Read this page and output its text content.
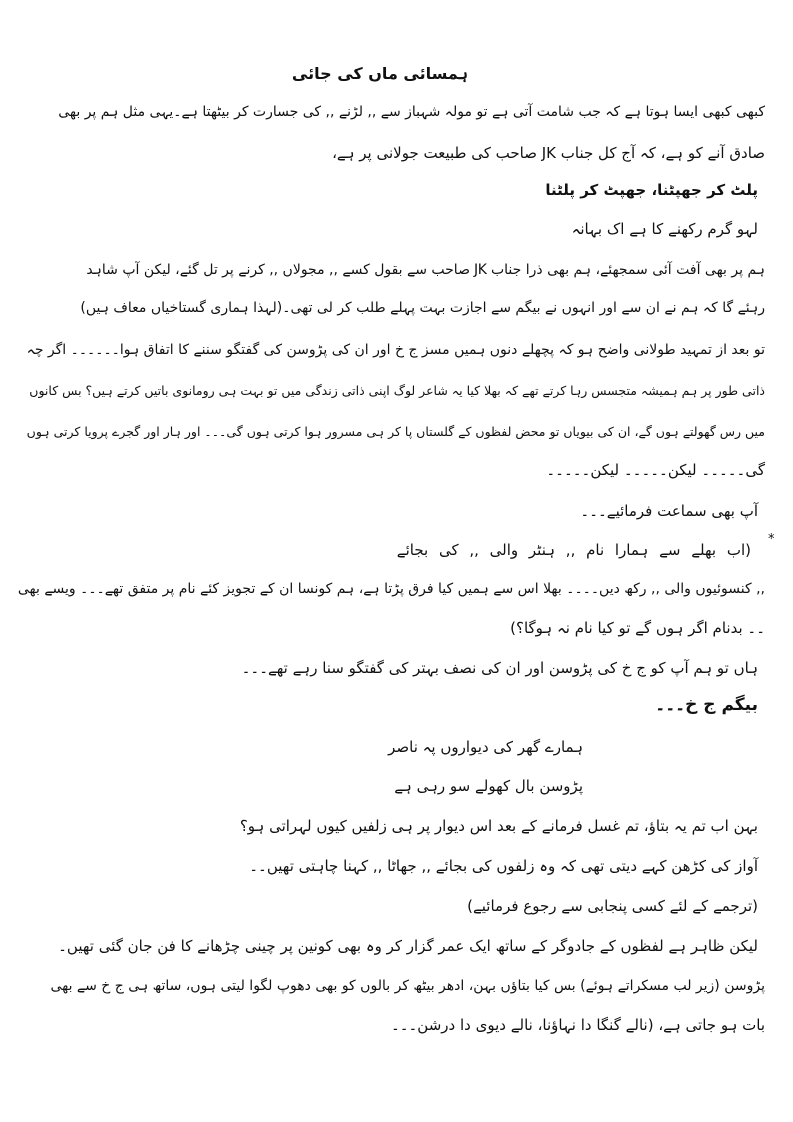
ہمسائی ماں کی جائی
کبھی کبھی ایسا ہوتا ہے کہ جب شامت آتی ہے تو مولہ شہباز سے ,, لڑنے ,, کی جسارت کر بیٹھتا ہے۔یہی مثل ہم پر بھی
صادق آنے کو ہے، کہ آج کل جناب JK صاحب کی طبیعت جولانی پر ہے،
پلٹ کر جھپٹنا، جھپٹ کر پلٹنا
لہو گرم رکھنے کا ہے اک بہانہ
ہم پر بھی آفت آئی سمجھئے، ہم بھی ذرا جناب JK صاحب سے بقول کسے ,, مجولاں ,, کرنے پر تل گئے، لیکن آپ شاہد
رہئے گا کہ ہم نے ان سے اور انہوں نے بیگم سے اجازت بہت پہلے طلب کر لی تھی۔(لہذا ہماری گستاخیاں معاف ہیں)
تو بعد از تمہید طولانی واضح ہو کہ پچھلے دنوں ہمیں مسز ج خ اور ان کی پڑوسن کی گفتگو سننے کا اتفاق ہوا۔۔۔۔۔۔ اگر چہ
ذاتی طور پر ہم ہمیشہ متجسس رہا کرتے تھے کہ بھلا کیا یہ شاعر لوگ اپنی ذاتی زندگی میں تو بہت ہی رومانوی باتیں کرتے ہیں؟ بس کانوں
میں رس گھولتے ہوں گے، ان کی بیویاں تو محض لفظوں کے گلستاں پا کر ہی مسرور ہوا کرتی ہوں گی۔۔۔ اور ہار اور گجرے پرویا کرتی ہوں
گی۔۔۔۔۔ لیکن۔۔۔۔۔ لیکن۔۔۔۔۔
آپ بھی سماعت فرمائیے۔۔۔
*
(اب بھلے سے ہمارا نام ,, ہنٹر والی ,, کی بجائے
,, کنسوئیوں والی ,, رکھ دیں۔۔۔۔ بھلا اس سے ہمیں کیا فرق پڑتا ہے، ہم کونسا ان کے تجویز کئے نام پر متفق تھے۔۔۔ ویسے بھی
۔۔ بدنام اگر ہوں گے تو کیا نام نہ ہوگا؟)
ہاں تو ہم آپ کو ج خ کی پڑوسن اور ان کی نصف بہتر کی گفتگو سنا رہے تھے۔۔۔
بیگم ج خ۔۔۔
ہمارے گھر کی دیواروں پہ ناصر
پڑوسن بال کھولے سو رہی ہے
بہن اب تم یہ بتاؤ، تم غسل فرمانے کے بعد اس دیوار پر ہی زلفیں کیوں لہراتی ہو؟
آواز کی کڑھن کہے دیتی تھی کہ وہ زلفوں کی بجائے ,, جھاٹا ,, کہنا چاہتی تھیں۔۔
(ترجمے کے لئے کسی پنجابی سے رجوع فرمائیے)
لیکن ظاہر ہے لفظوں کے جادوگر کے ساتھ ایک عمر گزار کر وہ بھی کونین پر چینی چڑھانے کا فن جان گئی تھیں۔
پڑوسن (زیر لب مسکراتے ہوئے) بس کیا بتاؤں بہن، ادھر بیٹھ کر بالوں کو بھی دھوپ لگوا لیتی ہوں، ساتھ ہی ج خ سے بھی
بات ہو جاتی ہے، (نالے گنگا دا نہاؤنا، نالے دیوی دا درشن۔۔۔
